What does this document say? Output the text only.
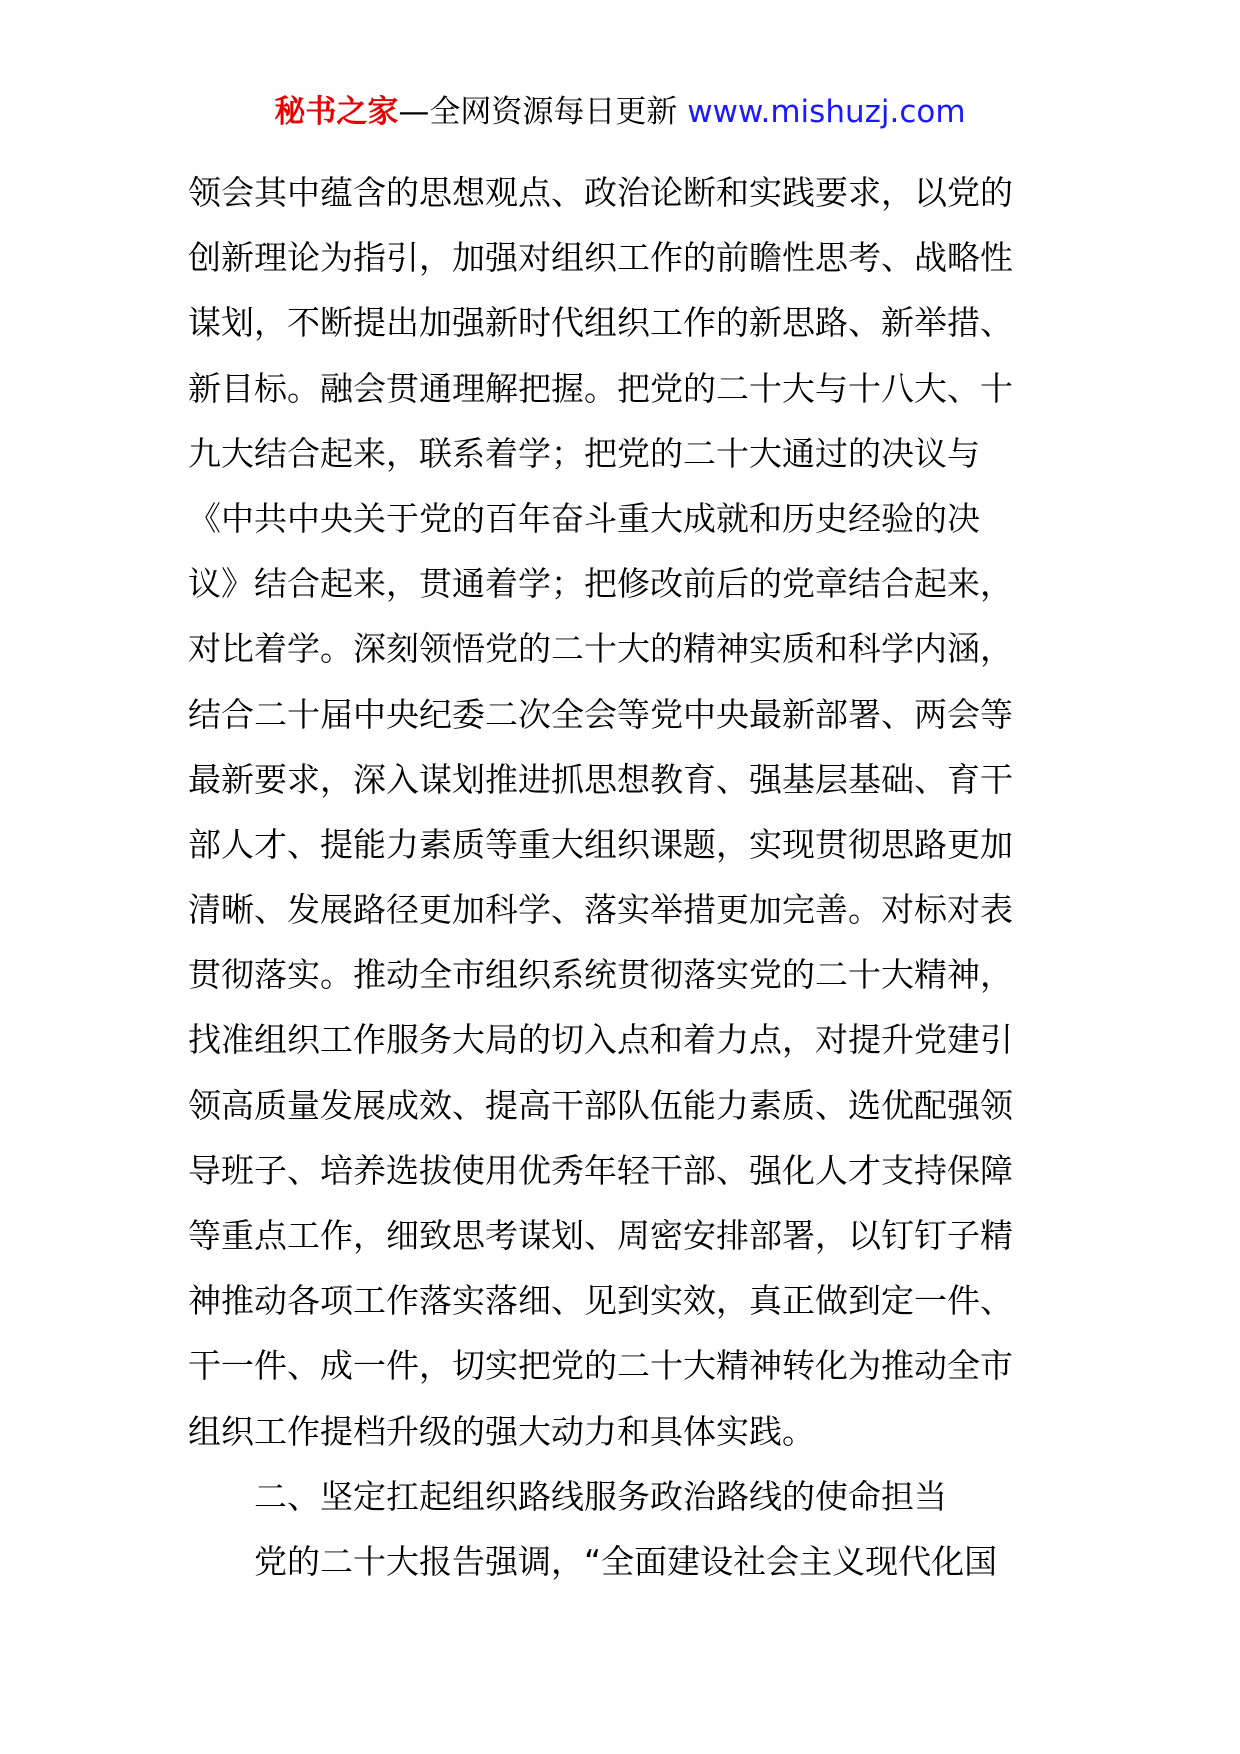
秘书之家—全网资源每日更新 www.mishuzj.com
领会其中蕴含的思想观点、政治论断和实践要求，以党的
创新理论为指引，加强对组织工作的前瞻性思考、战略性
谋划，不断提出加强新时代组织工作的新思路、新举措、
新目标。融会贯通理解把握。把党的二十大与十八大、十
九大结合起来，联系着学；把党的二十大通过的决议与
《中共中央关于党的百年奋斗重大成就和历史经验的决
议》结合起来，贯通着学；把修改前后的党章结合起来，
对比着学。深刻领悟党的二十大的精神实质和科学内涵，
结合二十届中央纪委二次全会等党中央最新部署、两会等
最新要求，深入谋划推进抓思想教育、强基层基础、育干
部人才、提能力素质等重大组织课题，实现贯彻思路更加
清晰、发展路径更加科学、落实举措更加完善。对标对表
贯彻落实。推动全市组织系统贯彻落实党的二十大精神，
找准组织工作服务大局的切入点和着力点，对提升党建引
领高质量发展成效、提高干部队伍能力素质、选优配强领
导班子、培养选拔使用优秀年轻干部、强化人才支持保障
等重点工作，细致思考谋划、周密安排部署，以钉钉子精
神推动各项工作落实落细、见到实效，真正做到定一件、
干一件、成一件，切实把党的二十大精神转化为推动全市
组织工作提档升级的强大动力和具体实践。
二、坚定扛起组织路线服务政治路线的使命担当
党的二十大报告强调，“全面建设社会主义现代化国
